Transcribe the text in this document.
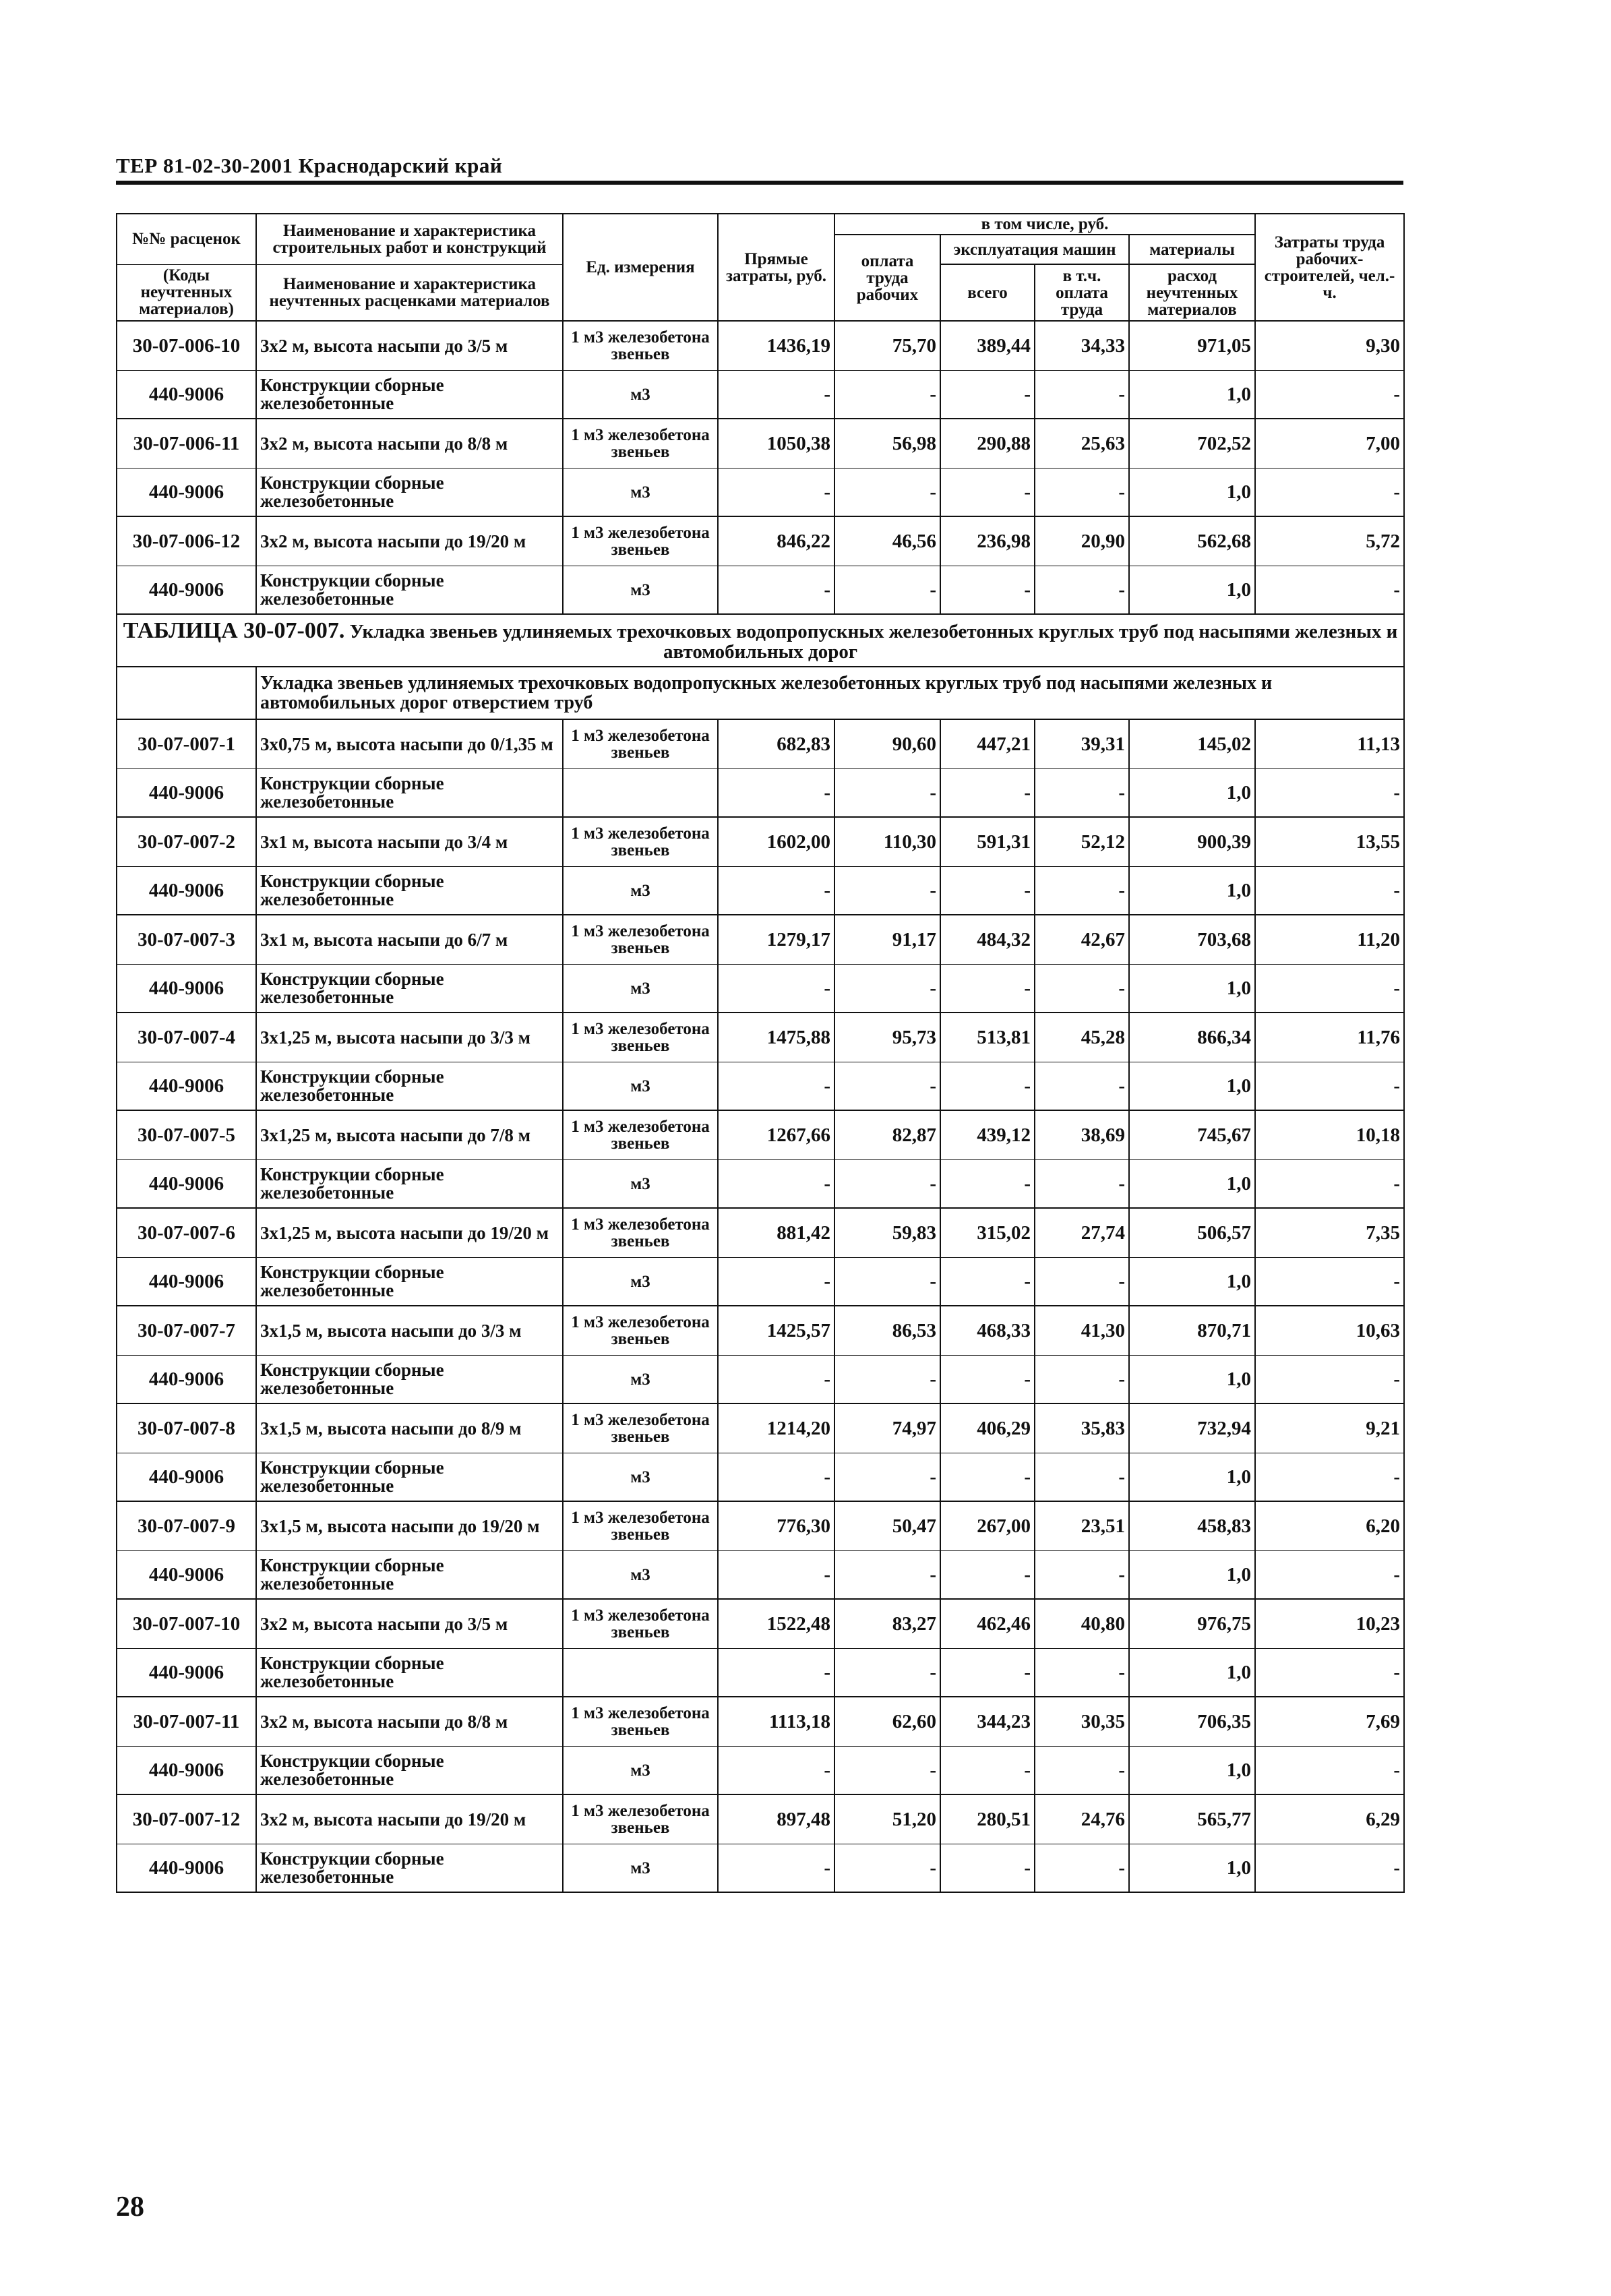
ТЕР 81-02-30-2001 Краснодарский край
№№ расценок	Наименование и характеристика строительных работ и конструкций	Ед. измерения	Прямые затраты, руб.	в том числе, руб.				Затраты труда рабочих-строителей, чел.-ч.
				оплата труда рабочих	эксплуатация машин		материалы	
(Коды неучтенных материалов)	Наименование и характеристика неучтенных расценками материалов				всего	в т.ч. оплата труда	расход неучтенных материалов	

30-07-006-10	3х2 м, высота насыпи до 3/5 м	1 м3 железобетона звеньев	1436,19	75,70	389,44	34,33	971,05	9,30
440-9006	Конструкции сборные железобетонные	м3	-	-	-	-	1,0	-
30-07-006-11	3х2 м, высота насыпи до 8/8 м	1 м3 железобетона звеньев	1050,38	56,98	290,88	25,63	702,52	7,00
440-9006	Конструкции сборные железобетонные	м3	-	-	-	-	1,0	-
30-07-006-12	3х2 м, высота насыпи до 19/20 м	1 м3 железобетона звеньев	846,22	46,56	236,98	20,90	562,68	5,72
440-9006	Конструкции сборные железобетонные	м3	-	-	-	-	1,0	-
ТАБЛИЦА 30-07-007. Укладка звеньев удлиняемых трехочковых водопропускных железобетонных круглых труб под насыпями железных и автомобильных дорог								
	Укладка звеньев удлиняемых трехочковых водопропускных железобетонных круглых труб под насыпями железных и автомобильных дорог отверстием труб							
30-07-007-1	3х0,75 м, высота насыпи до 0/1,35 м	1 м3 железобетона звеньев	682,83	90,60	447,21	39,31	145,02	11,13
440-9006	Конструкции сборные железобетонные		-	-	-	-	1,0	-
30-07-007-2	3х1 м, высота насыпи до 3/4 м	1 м3 железобетона звеньев	1602,00	110,30	591,31	52,12	900,39	13,55
440-9006	Конструкции сборные железобетонные	м3	-	-	-	-	1,0	-
30-07-007-3	3х1 м, высота насыпи до 6/7 м	1 м3 железобетона звеньев	1279,17	91,17	484,32	42,67	703,68	11,20
440-9006	Конструкции сборные железобетонные	м3	-	-	-	-	1,0	-
30-07-007-4	3х1,25 м, высота насыпи до 3/3 м	1 м3 железобетона звеньев	1475,88	95,73	513,81	45,28	866,34	11,76
440-9006	Конструкции сборные железобетонные	м3	-	-	-	-	1,0	-
30-07-007-5	3х1,25 м, высота насыпи до 7/8 м	1 м3 железобетона звеньев	1267,66	82,87	439,12	38,69	745,67	10,18
440-9006	Конструкции сборные железобетонные	м3	-	-	-	-	1,0	-
30-07-007-6	3х1,25 м, высота насыпи до 19/20 м	1 м3 железобетона звеньев	881,42	59,83	315,02	27,74	506,57	7,35
440-9006	Конструкции сборные железобетонные	м3	-	-	-	-	1,0	-
30-07-007-7	3х1,5 м, высота насыпи до 3/3 м	1 м3 железобетона звеньев	1425,57	86,53	468,33	41,30	870,71	10,63
440-9006	Конструкции сборные железобетонные	м3	-	-	-	-	1,0	-
30-07-007-8	3х1,5 м, высота насыпи до 8/9 м	1 м3 железобетона звеньев	1214,20	74,97	406,29	35,83	732,94	9,21
440-9006	Конструкции сборные железобетонные	м3	-	-	-	-	1,0	-
30-07-007-9	3х1,5 м, высота насыпи до 19/20 м	1 м3 железобетона звеньев	776,30	50,47	267,00	23,51	458,83	6,20
440-9006	Конструкции сборные железобетонные	м3	-	-	-	-	1,0	-
30-07-007-10	3х2 м, высота насыпи до 3/5 м	1 м3 железобетона звеньев	1522,48	83,27	462,46	40,80	976,75	10,23
440-9006	Конструкции сборные железобетонные		-	-	-	-	1,0	-
30-07-007-11	3х2 м, высота насыпи до 8/8 м	1 м3 железобетона звеньев	1113,18	62,60	344,23	30,35	706,35	7,69
440-9006	Конструкции сборные железобетонные	м3	-	-	-	-	1,0	-
30-07-007-12	3х2 м, высота насыпи до 19/20 м	1 м3 железобетона звеньев	897,48	51,20	280,51	24,76	565,77	6,29
440-9006	Конструкции сборные железобетонные	м3	-	-	-	-	1,0	-
28
